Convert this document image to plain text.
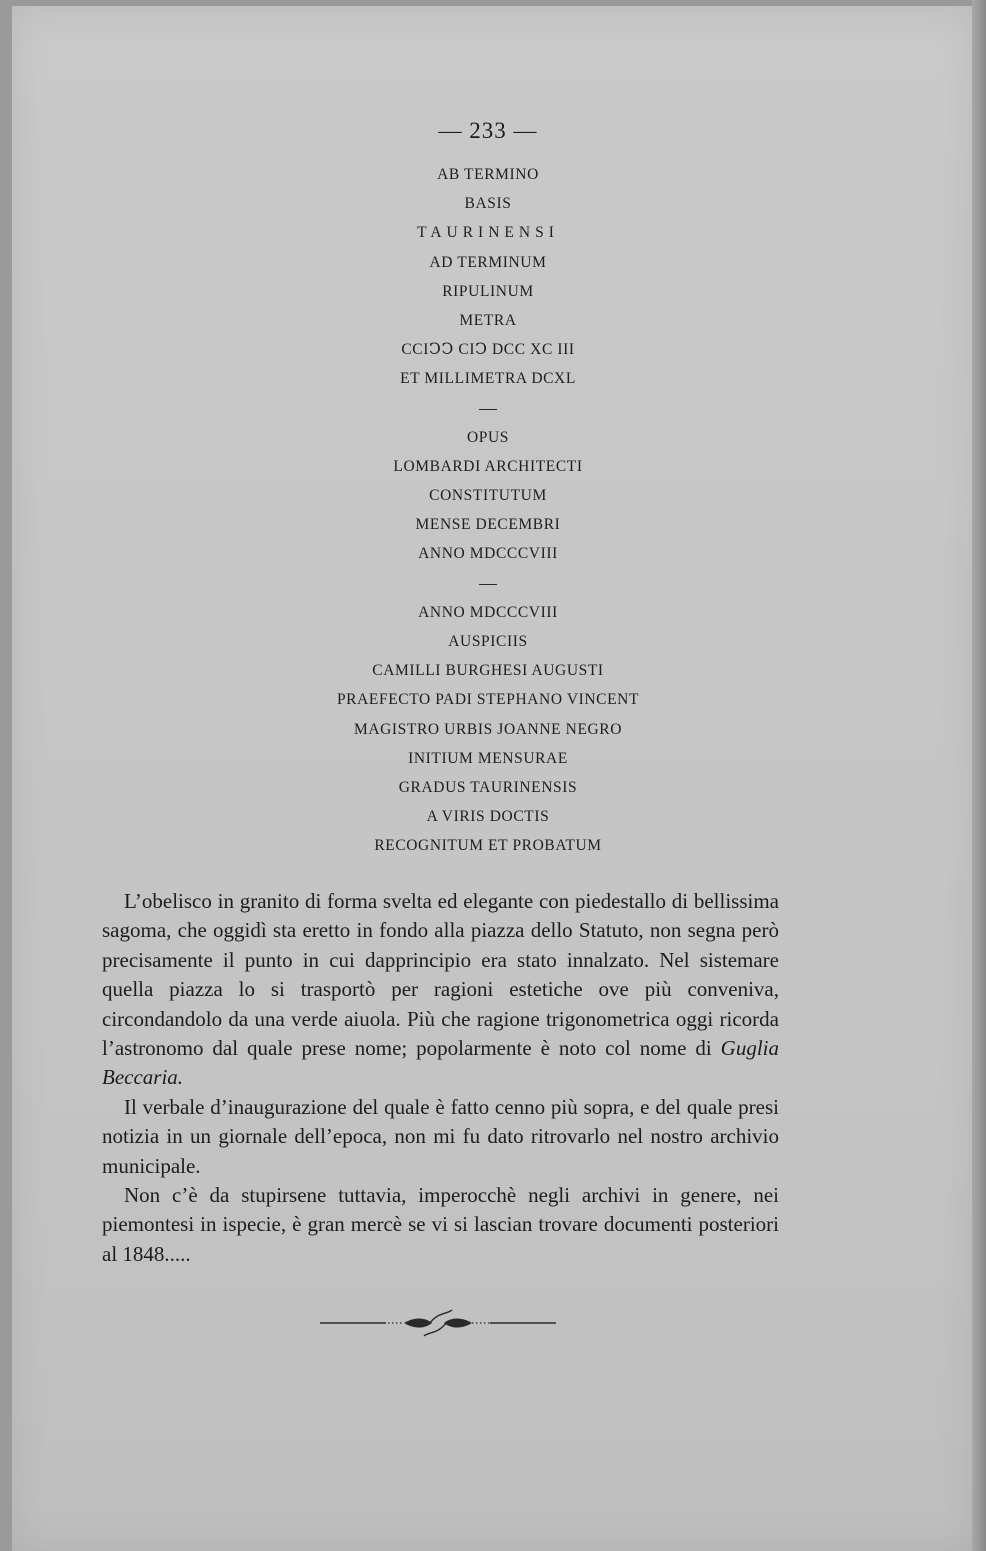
— 233 —
AB TERMINO
BASIS
TAURINENSI
AD TERMINUM
RIPULINUM
METRA
CCIↃↃ CIↃ DCC XC III
ET MILLIMETRA DCXL
OPUS
LOMBARDI ARCHITECTI
CONSTITUTUM
MENSE DECEMBRI
ANNO MDCCCVIII
ANNO MDCCCVIII
AUSPICIIS
CAMILLI BURGHESI AUGUSTI
PRAEFECTO PADI STEPHANO VINCENT
MAGISTRO URBIS JOANNE NEGRO
INITIUM MENSURAE
GRADUS TAURINENSIS
A VIRIS DOCTIS
RECOGNITUM ET PROBATUM

L’obelisco in granito di forma svelta ed elegante con piedestallo di bellissima sagoma, che oggidì sta eretto in fondo alla piazza dello Statuto, non segna però precisamente il punto in cui dapprincipio era stato innalzato. Nel sistemare quella piazza lo si trasportò per ragioni estetiche ove più conveniva, circondandolo da una verde aiuola. Più che ragione trigonometrica oggi ricorda l’astronomo dal quale prese nome; popolarmente è noto col nome di Guglia Beccaria.

Il verbale d’inaugurazione del quale è fatto cenno più sopra, e del quale presi notizia in un giornale dell’epoca, non mi fu dato ritrovarlo nel nostro archivio municipale.

Non c’è da stupirsene tuttavia, imperocchè negli archivi in genere, nei piemontesi in ispecie, è gran mercè se vi si lascian trovare documenti posteriori al 1848.....
